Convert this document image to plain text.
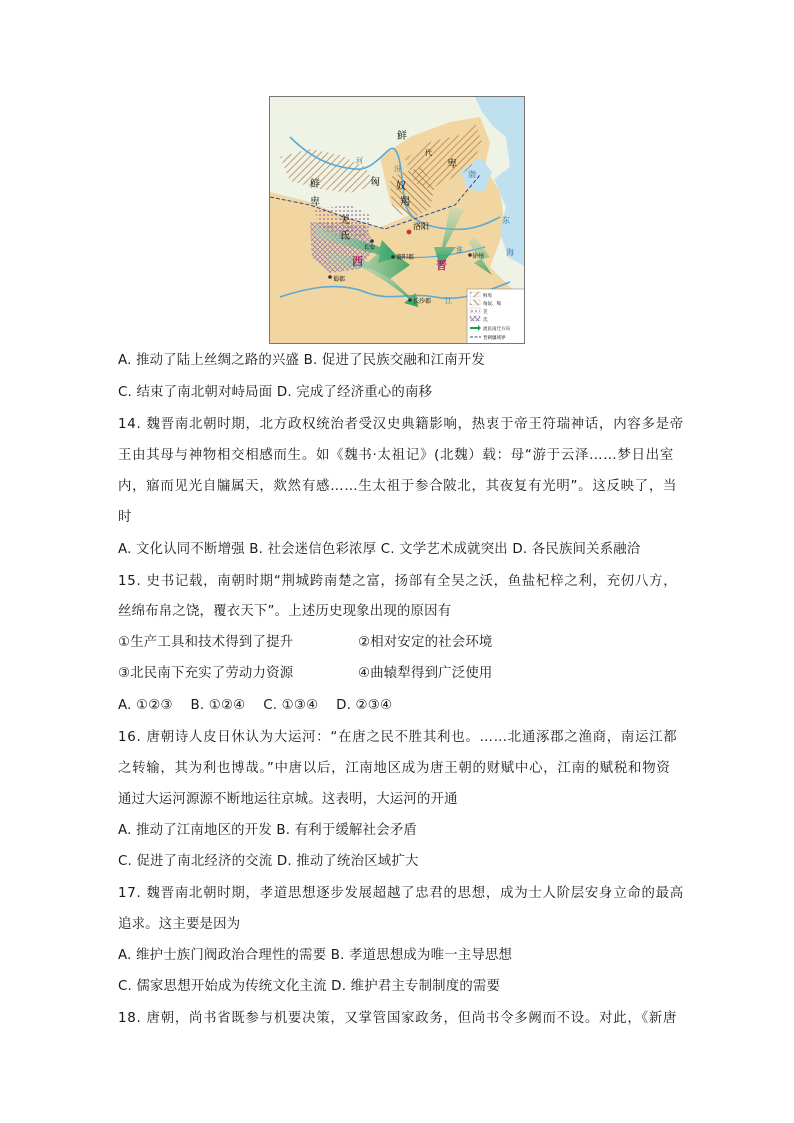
鲜
卑
鲜
卑
匈 奴
羯
羌
氐
代
洛阳
长安
襄阳郡
长沙郡
蜀郡
徐州
西	晋
渤
东
海
河
江
淮
汾
鲜卑
匈奴、羯
羌
氐
流民南迁方向
晋朝疆域界
A. 推动了陆上丝绸之路的兴盛 B. 促进了民族交融和江南开发
C. 结束了南北朝对峙局面 D. 完成了经济重心的南移
14. 魏晋南北朝时期，北方政权统治者受汉史典籍影响，热衷于帝王符瑞神话，内容多是帝
王由其母与神物相交相感而生。如《魏书·太祖记》(北魏）载：母“游于云泽……梦日出室
内，寤而见光自牖属天，欻然有感……生太祖于参合陂北，其夜复有光明”。这反映了，当
时
A. 文化认同不断增强 B. 社会迷信色彩浓厚 C. 文学艺术成就突出 D. 各民族间关系融洽
15. 史书记载，南朝时期“荆城跨南楚之富，扬部有全吴之沃，鱼盐杞梓之利，充仞八方，
丝绵布帛之饶，覆衣天下”。上述历史现象出现的原因有
①生产工具和技术得到了提升	②相对安定的社会环境
③北民南下充实了劳动力资源	④曲辕犁得到广泛使用
A. ①②③    B. ①②④    C. ①③④    D. ②③④
16. 唐朝诗人皮日休认为大运河：“在唐之民不胜其利也。……北通涿郡之渔商，南运江都
之转输，其为利也博哉。”中唐以后，江南地区成为唐王朝的财赋中心，江南的赋税和物资
通过大运河源源不断地运往京城。这表明，大运河的开通
A. 推动了江南地区的开发 B. 有利于缓解社会矛盾
C. 促进了南北经济的交流 D. 推动了统治区域扩大
17. 魏晋南北朝时期，孝道思想逐步发展超越了忠君的思想，成为士人阶层安身立命的最高
追求。这主要是因为
A. 维护士族门阀政治合理性的需要 B. 孝道思想成为唯一主导思想
C. 儒家思想开始成为传统文化主流 D. 维护君主专制制度的需要
18. 唐朝，尚书省既参与机要决策，又掌管国家政务，但尚书令多阙而不设。对此，《新唐
